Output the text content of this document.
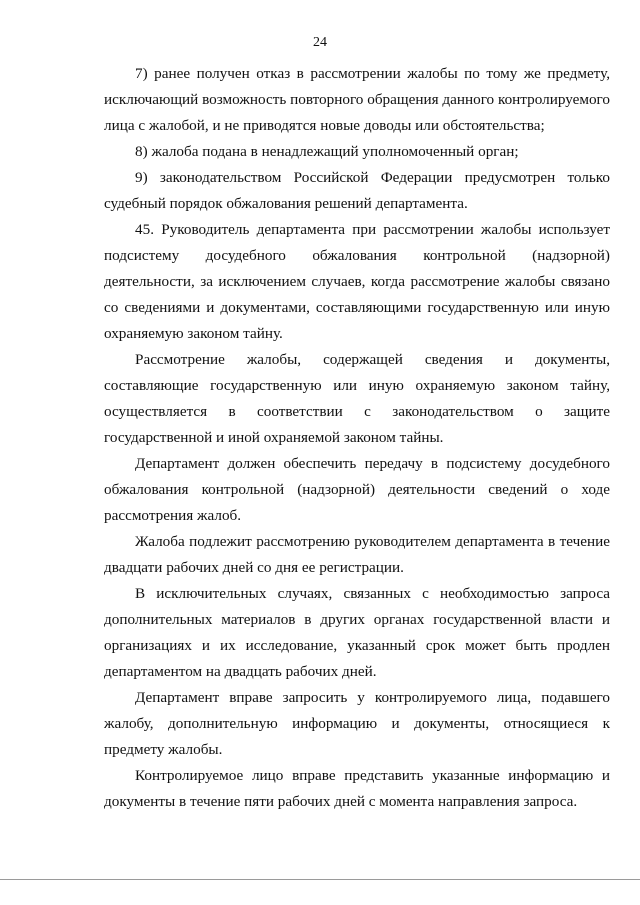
24

7) ранее получен отказ в рассмотрении жалобы по тому же предмету, исключающий возможность повторного обращения данного контролируемого лица с жалобой, и не приводятся новые доводы или обстоятельства;

8) жалоба подана в ненадлежащий уполномоченный орган;

9) законодательством Российской Федерации предусмотрен только судебный порядок обжалования решений департамента.

45. Руководитель департамента при рассмотрении жалобы использует подсистему досудебного обжалования контрольной (надзорной) деятельности, за исключением случаев, когда рассмотрение жалобы связано со сведениями и документами, составляющими государственную или иную охраняемую законом тайну.

Рассмотрение жалобы, содержащей сведения и документы, составляющие государственную или иную охраняемую законом тайну, осуществляется в соответствии с законодательством о защите государственной и иной охраняемой законом тайны.

Департамент должен обеспечить передачу в подсистему досудебного обжалования контрольной (надзорной) деятельности сведений о ходе рассмотрения жалоб.

Жалоба подлежит рассмотрению руководителем департамента в течение двадцати рабочих дней со дня ее регистрации.

В исключительных случаях, связанных с необходимостью запроса дополнительных материалов в других органах государственной власти и организациях и их исследование, указанный срок может быть продлен департаментом на двадцать рабочих дней.

Департамент вправе запросить у контролируемого лица, подавшего жалобу, дополнительную информацию и документы, относящиеся к предмету жалобы.

Контролируемое лицо вправе представить указанные информацию и документы в течение пяти рабочих дней с момента направления запроса.
